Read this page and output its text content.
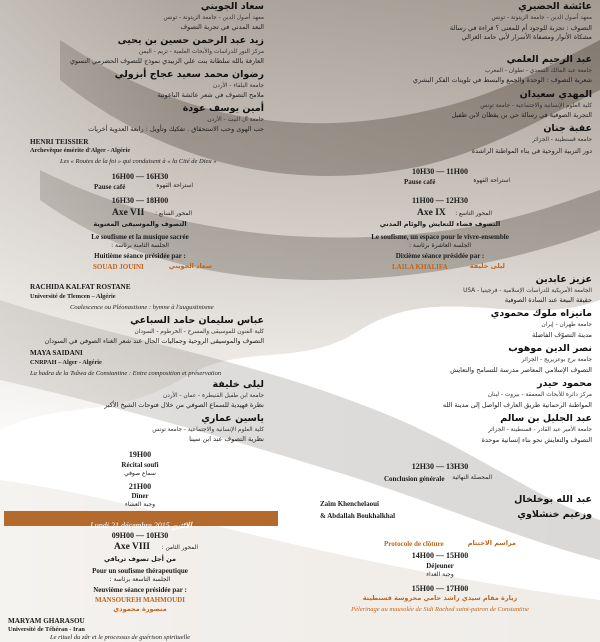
سعاد الجويني

معهد أصول الدين - جامعة الزيتونة - تونس

البعد المدني في تجربة التصوف

زيد عبد الرحمن حسين بن يحيى

مركز النور للدراسات والأبحاث العلمية - تريم - اليمن

العارفة بالله سلطانة بنت علي الزبيدي نموذج للتصوف الحضرمي النسوي

رضوان محمد سعيد عجاج أبزولي

جامعة البلقاء - الأردن

ملامح التصوف في شعر عائشة الباعونية

أمين يوسف عودة

جامعة آل البيت - الأردن

حب الهوى وحب الاستحقاق . تفكيك وتأويل : رابعة العدوية أخريات

HENRI TEISSIER

Archevêque émérite d'Alger - Algérie

Les « Routes de la foi » qui conduisent à « la Cité de Dieu »

16H00 — 16H30

Pause café	استراحة القهوة

16H30 — 18H00

Axe VII المحور السابع :

التصوف والموسيقى المعنوية

Le soufisme et la musique sacrée

الجلسة الثامنة برئاسة :

Huitième séance présidée par :

SOUAD JOUINI	سعاد الجويني

RACHIDA KALFAT ROSTANE

Université de Tlemcen – Algérie

Coalescence ou Pléonastisme : hymne à l'augustinisme

عباس سليمان حامد السباعي

كلية الفنون للموسيقى والمسرح - الخرطوم - السودان

التصوف والموسيقى الروحية وجماليات الحال عند شعر الغناء الصوفي في السودان

MAYA SAIDANI

CNRPAH – Alger - Algérie

La hadra de la Tsâwa de Constantine : Entre composition et préservation

ليلى خليفة

جامعة ابن طفيل القنيطرة - عمان - الأردن

نظرة فهيدية للسماع الصوفي من خلال فتوحات الشيخ الأكبر

ياسين عماري

كلية العلوم الإنسانية والاجتماعية - جامعة تونس

نظرية التصوف عند ابن سينا

19H00

Récital soufi

سماع صوفي

21H00

Dîner

وجبة العشاء

Lundi 21 décembre 2015 الاثنين

09H00 — 10H30

Axe VIII المحور الثامن :

من أجل تصوف ترياقي

Pour un soufisme thérapeutique

الجلسة التاسعة برئاسة :

Neuvième séance présidée par :

MANSOUREH MAHMOUDI

منصورة محمودي

MARYAM GHARASOU

Université de Téhéran - Iran

Le rituel du zâr et le processus de guérison spirituelle

عائشة الحضيري

معهد أصول الدين - جامعة الزيتونة - تونس

التصوف : تجربة للوجود أم للمعنى ؟ قراءة في رسالة

مشكاة الأنوار ومصفاة الأسرار لأبي حامد الغزالي

عبد الرحيم العلمي

جامعة عبد المالك السعدي - تطوان - المغرب

شعرية التصوف : الوحدة والجمع والبسط في تلوينات الفكر البشري

المهدي سعيدان

كلية العلوم الإنسانية والاجتماعية - جامعة تونس

التجربة الصوفية في رسالة حي بن يقظان لابن طفيل

عقبة جنان

جامعة قسنطينة - الجزائر

دور التربية الروحية في بناء المواطنة الراشدة

10H30 — 11H00

Pause café	استراحة القهوة

11H00 — 12H30

Axe IX المحور التاسع :

التصوف فضاء للتعايش والوئام المدني

Le soufisme, un espace pour le vivre-ensemble

الجلسة العاشرة برئاسة :

Dixième séance présidée par :

LAILA KHALIFA	ليلى خليفة

عزيز عابدين

الجامعة الأمريكية للدراسات الإسلامية - فرجينيا - USA

حقيقة البيعة عند السادة الصوفية

مانيزاه ملوك محمودي

جامعة طهران - إيران

مدينة التصوّف الفاضلة

نصر الدين موهوب

جامعة برج بوعريريج - الجزائر

التصوف الإسلامي المعاصر مدرسة للتسامح والتعايش

محمود حيدر

مركز دائرة للأبحاث المعمقة - بيروت - لبنان

المواطنة الرحمانية طريق العارف الواصل إلى مدينة الله

عبد الجليل بن سالم

جامعة الأمير عبد القادر - قسنطينة - الجزائر

التصوف والتعايش نحو بناء إنسانية موحدة

12H30 — 13H30

Conclusion générale المحصلة النهائية

عبد الله بوخلخال

وزعيم خنشلاوي

Zaïm Khenchelaoui

& Abdallah Boukhalkhal

Protocole de clôture	مراسم الاختتام

14H00 — 15H00

Déjeuner

وجبة الغداء

15H00 — 17H00

زيارة مقام سيدي راشد حامي محروسة قسنطينة

Pèlerinage au mausolée de Sidi Rached saint-patron de Constantine
